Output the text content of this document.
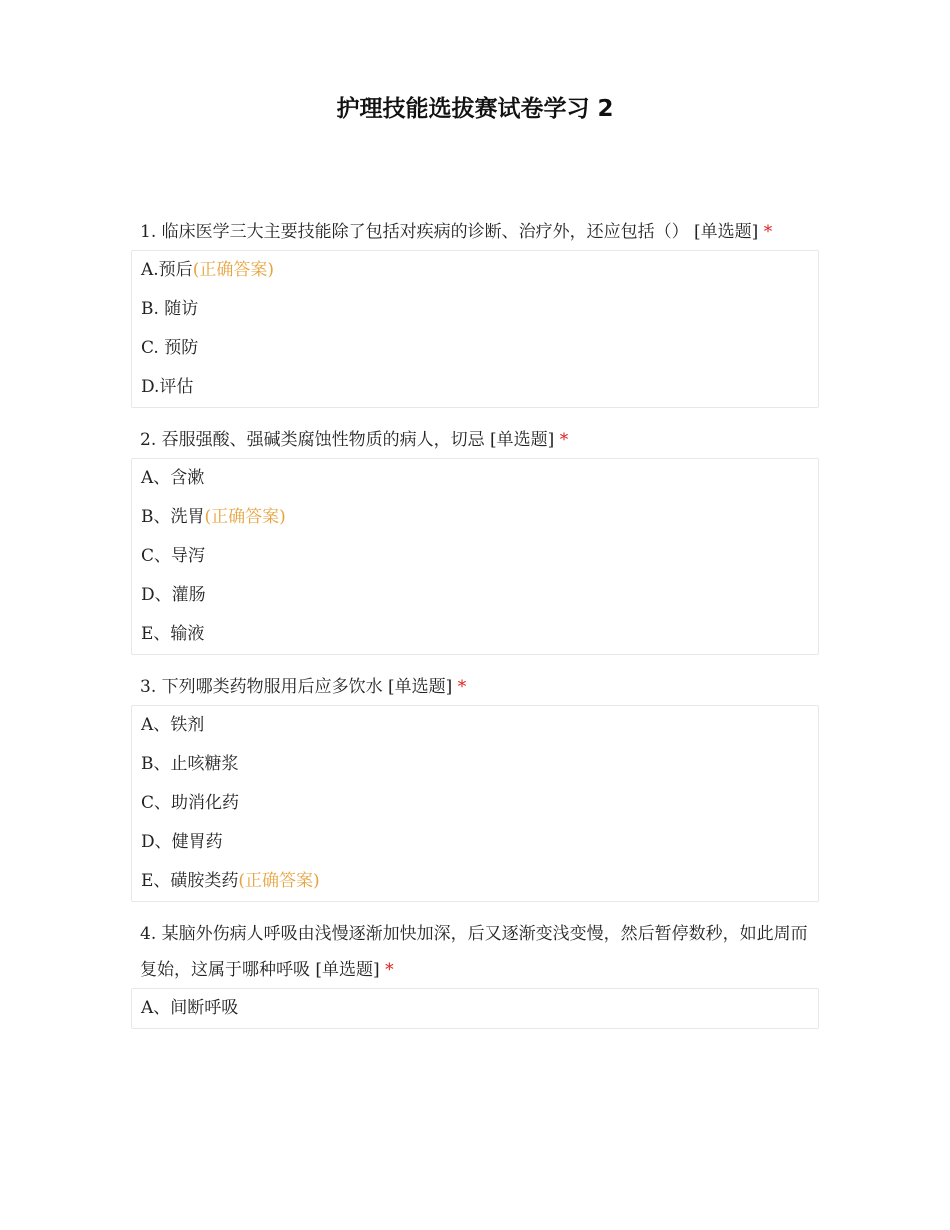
护理技能选拔赛试卷学习 2

1. 临床医学三大主要技能除了包括对疾病的诊断、治疗外，还应包括（） [单选题] *

A.预后(正确答案)
B. 随访
C. 预防
D.评估

2. 吞服强酸、强碱类腐蚀性物质的病人，切忌 [单选题] *

A、含漱
B、洗胃(正确答案)
C、导泻
D、灌肠
E、输液

3. 下列哪类药物服用后应多饮水 [单选题] *

A、铁剂
B、止咳糖浆
C、助消化药
D、健胃药
E、磺胺类药(正确答案)

4. 某脑外伤病人呼吸由浅慢逐渐加快加深，后又逐渐变浅变慢，然后暂停数秒，如此周而复始，这属于哪种呼吸 [单选题] *

A、间断呼吸
